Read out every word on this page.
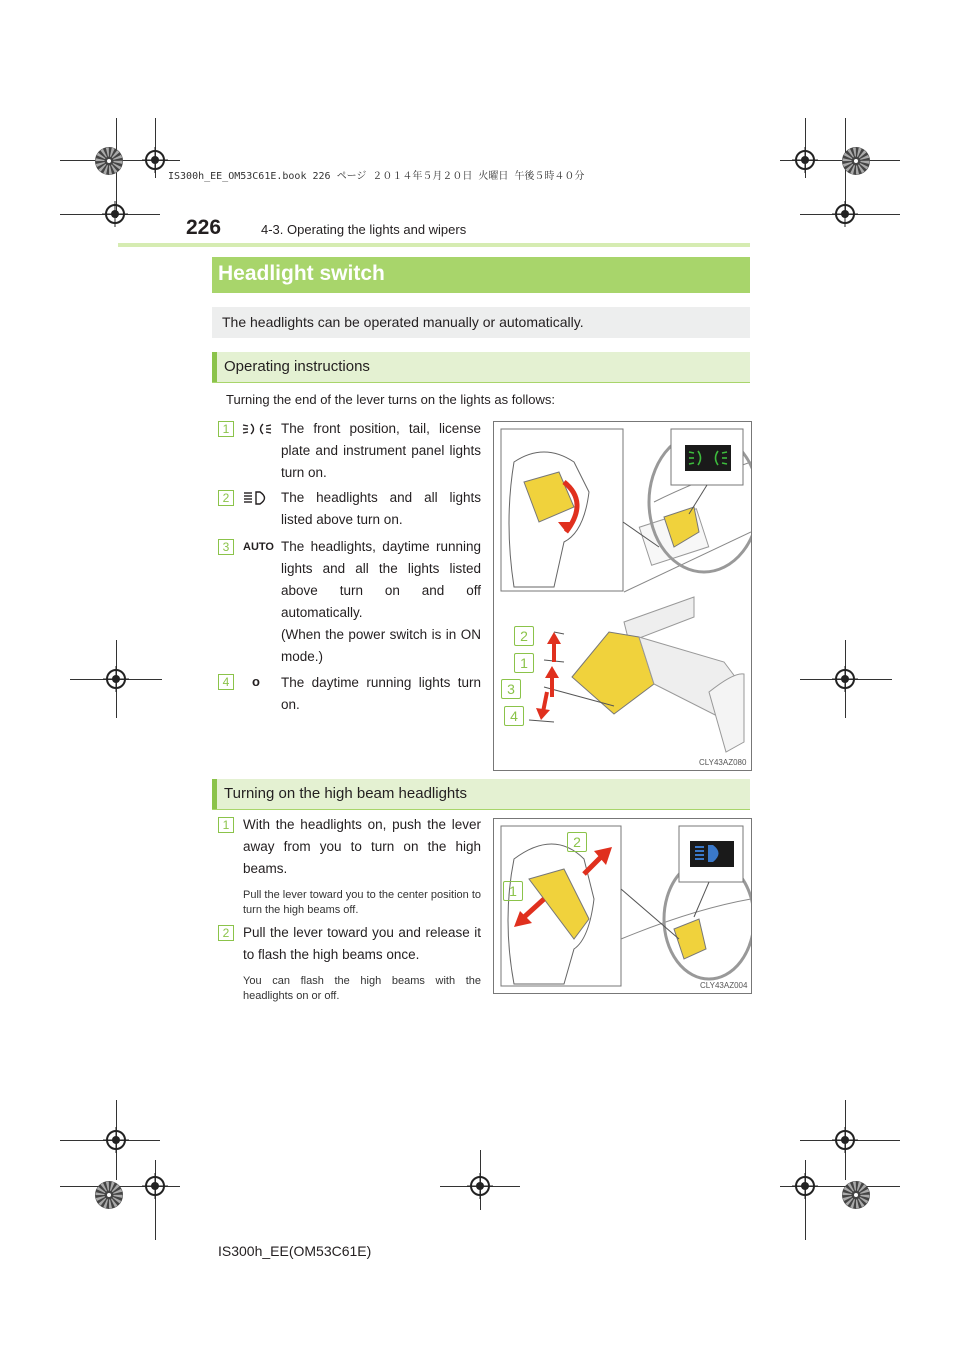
IS300h_EE_OM53C61E.book 226 ページ ２０１４年５月２０日 火曜日 午後５時４０分
226	4-3. Operating the lights and wipers
Headlight switch
The headlights can be operated manually or automatically.
Operating instructions
Turning the end of the lever turns on the lights as follows:
1	The front position, tail, license plate and instrument panel lights turn on.
2	The headlights and all lights listed above turn on.
3	AUTO The headlights, daytime running lights and all the lights listed above turn on and off automatically.
(When the power switch is in ON mode.)
4	o The daytime running lights turn on.
2
1
3
4
CLY43AZ080
Turning on the high beam headlights
1	With the headlights on, push the lever away from you to turn on the high beams.
Pull the lever toward you to the center position to turn the high beams off.
2	Pull the lever toward you and release it to flash the high beams once.
You can flash the high beams with the headlights on or off.
2
1
CLY43AZ004
IS300h_EE(OM53C61E)
